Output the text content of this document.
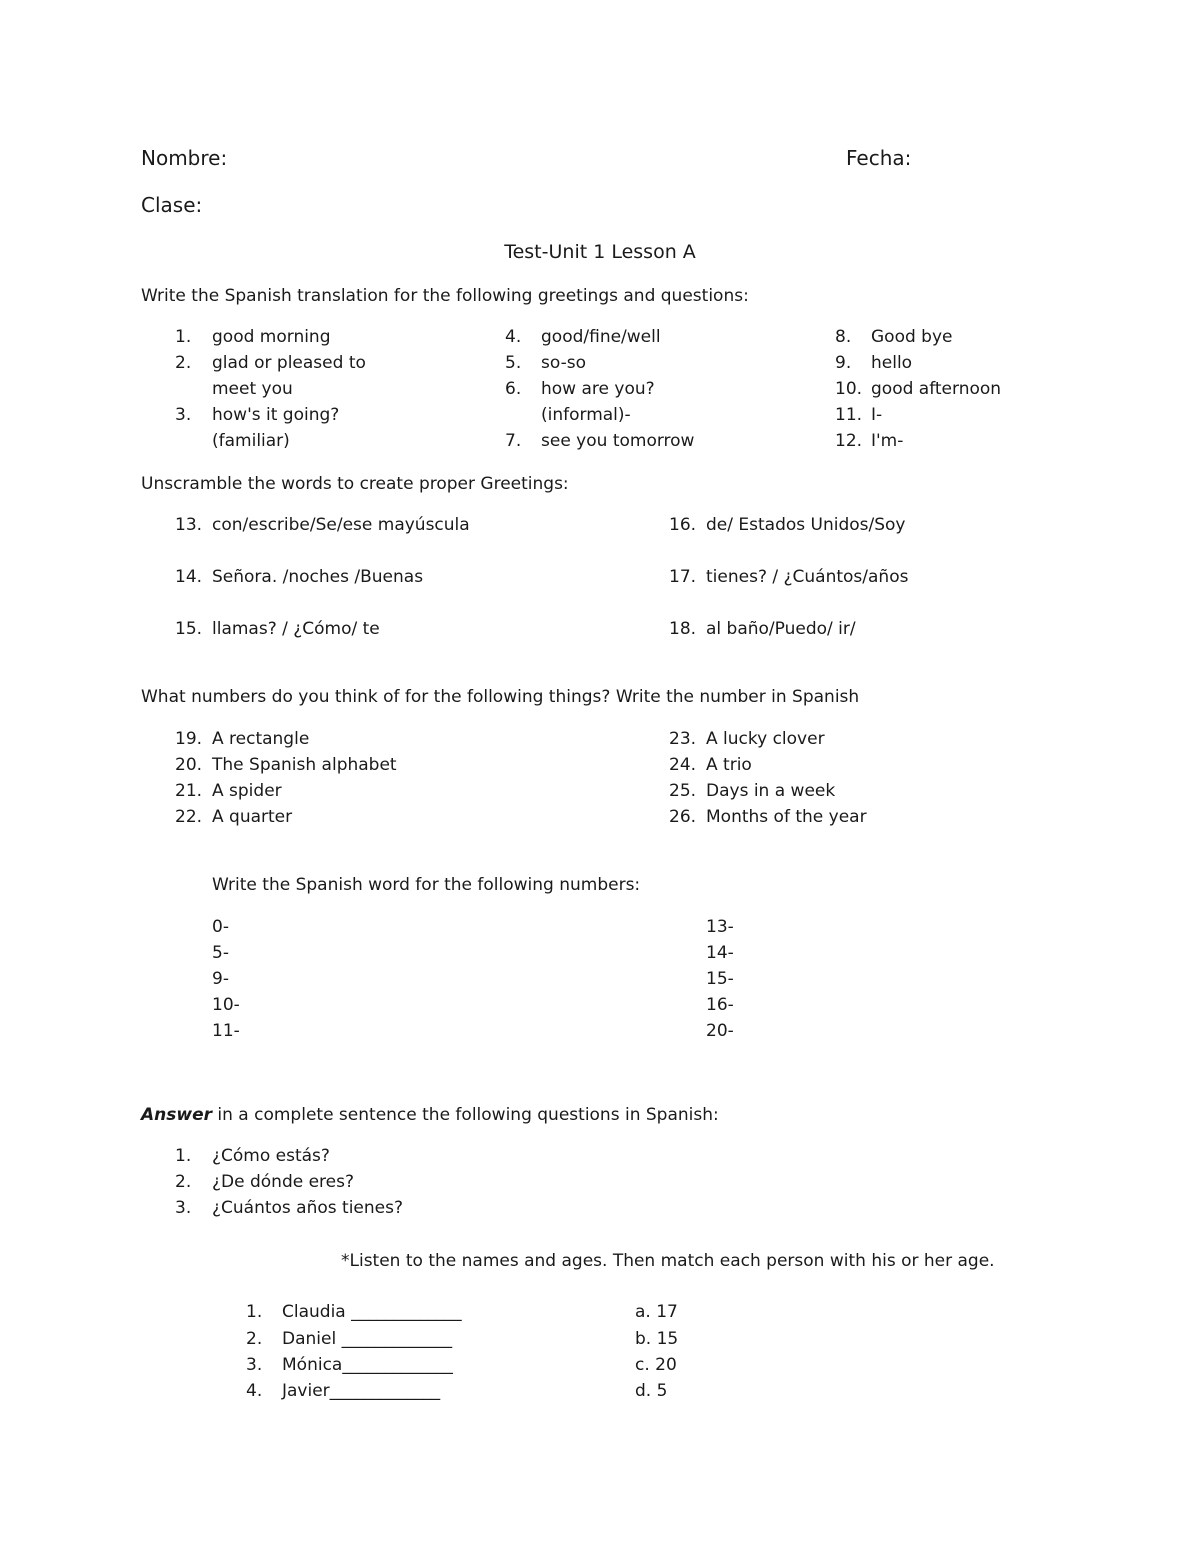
Nombre:	Fecha:
Clase:
Test-Unit 1 Lesson A
Write the Spanish translation for the following greetings and questions:
1. good morning
2. glad or pleased to
meet you
3. how's it going?
(familiar)
4. good/fine/well
5. so-so
6. how are you?
(informal)-
7. see you tomorrow
8. Good bye
9. hello
10. good afternoon
11. I-
12. I'm-
Unscramble the words to create proper Greetings:
13. con/escribe/Se/ese mayúscula
14. Señora. /noches /Buenas
15. llamas? / ¿Cómo/ te
16. de/ Estados Unidos/Soy
17. tienes? / ¿Cuántos/años
18. al baño/Puedo/ ir/
What numbers do you think of for the following things? Write the number in Spanish
19. A rectangle
20. The Spanish alphabet
21. A spider
22. A quarter
23. A lucky clover
24. A trio
25. Days in a week
26. Months of the year
Write the Spanish word for the following numbers:
0-
5-
9-
10-
11-
13-
14-
15-
16-
20-
Answer in a complete sentence the following questions in Spanish:
1. ¿Cómo estás?
2. ¿De dónde eres?
3. ¿Cuántos años tienes?
*Listen to the names and ages. Then match each person with his or her age.
1. Claudia _____________
2. Daniel _____________
3. Mónica_____________
4. Javier_____________
a. 17
b. 15
c. 20
d. 5
